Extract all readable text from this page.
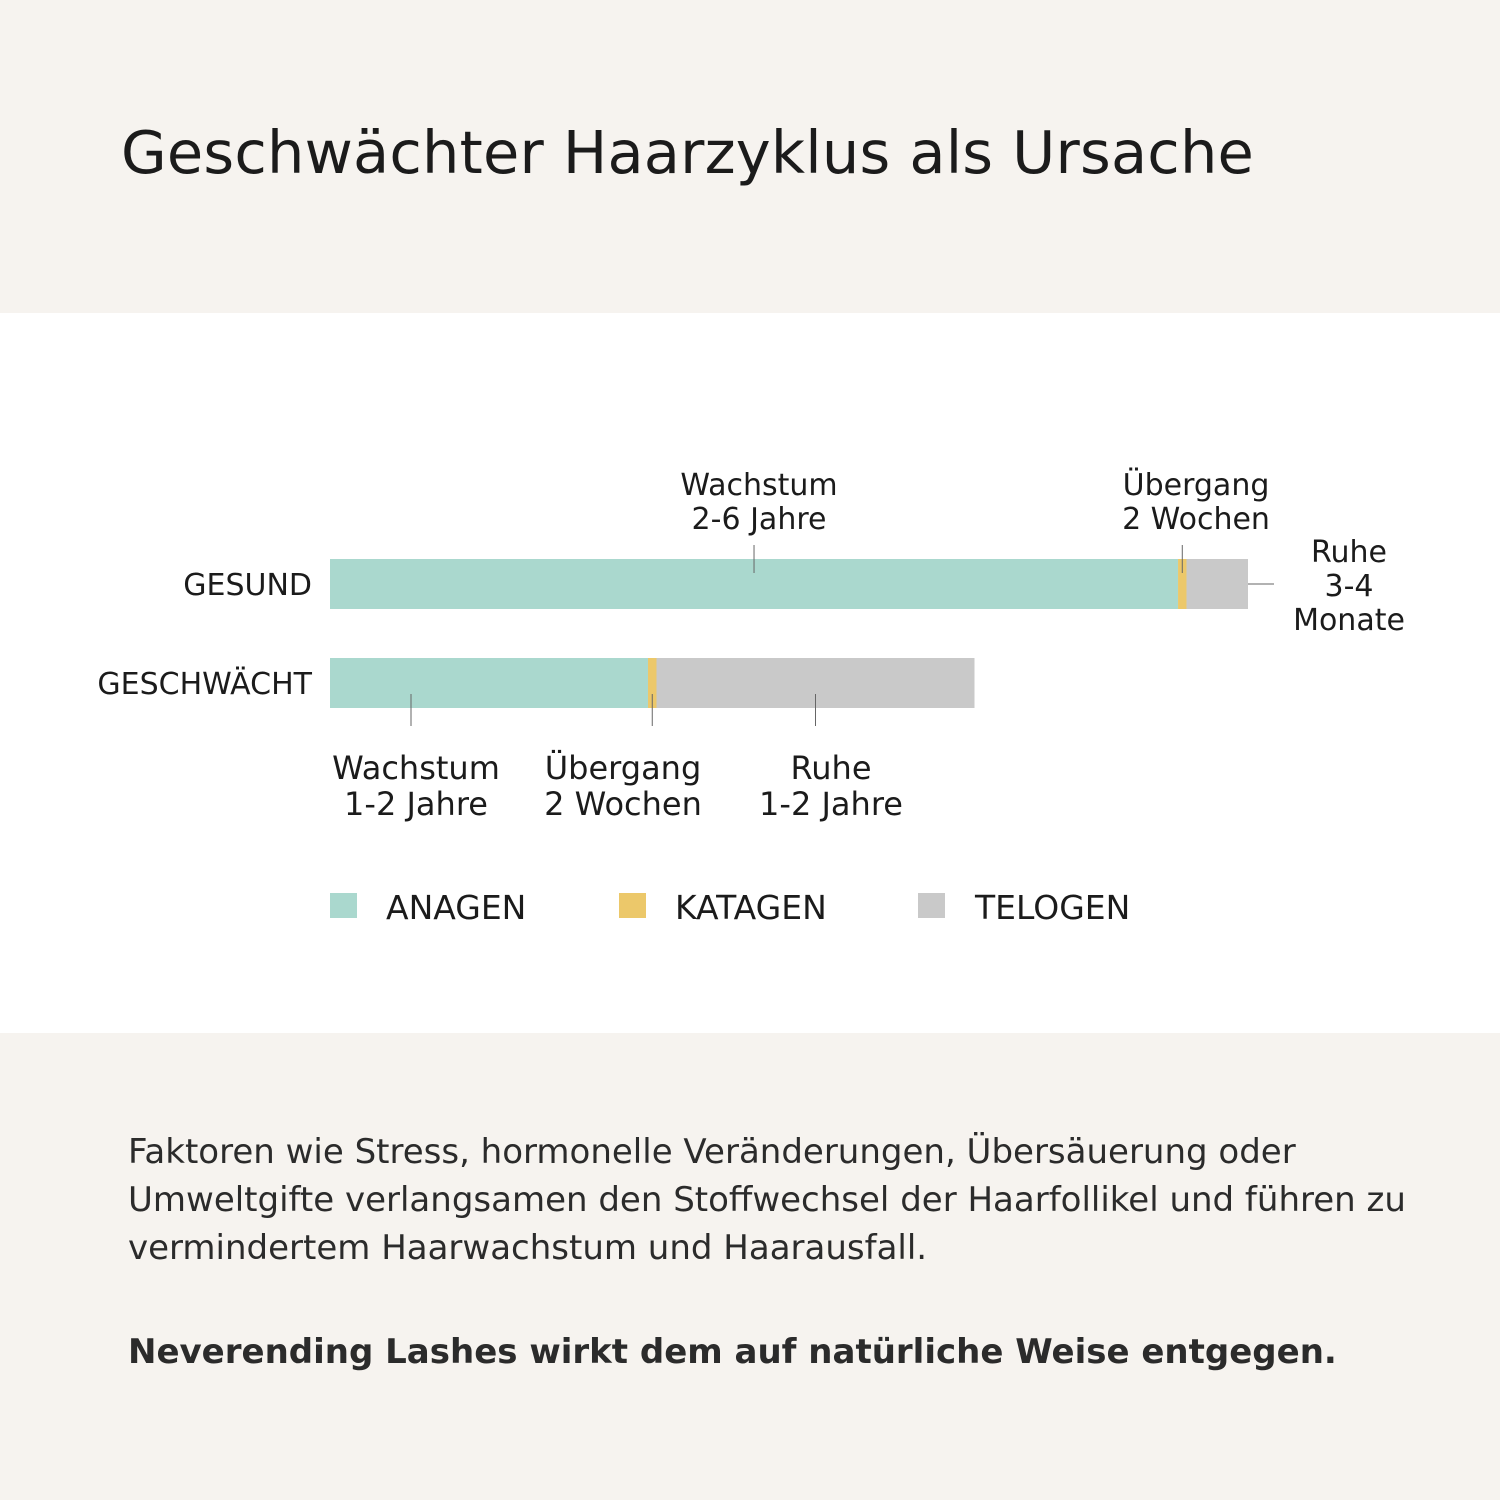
Geschwächter Haarzyklus als Ursache
GESUND
GESCHWÄCHT
Wachstum
2-6 Jahre
Übergang
2 Wochen
Ruhe
3-4
Monate
Wachstum
1-2 Jahre
Übergang
2 Wochen
Ruhe
1-2 Jahre
ANAGEN	KATAGEN	TELOGEN

Faktoren wie Stress, hormonelle Veränderungen, Übersäuerung oder Umweltgifte verlangsamen den Stoffwechsel der Haarfollikel und führen zu vermindertem Haarwachstum und Haarausfall.

Neverending Lashes wirkt dem auf natürliche Weise entgegen.
